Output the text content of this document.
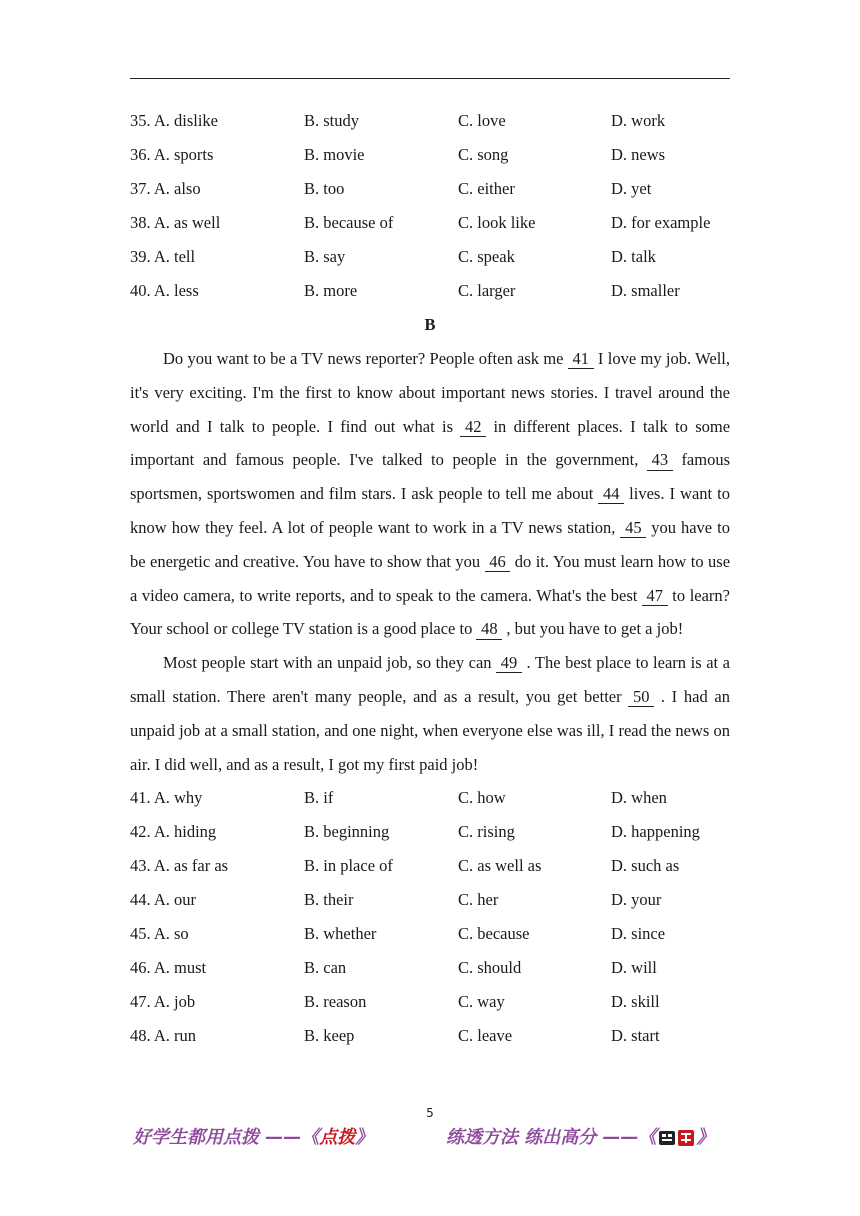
35. A. dislike	B. study	C. love	D. work
36. A. sports	B. movie	C. song	D. news
37. A. also	B. too	C. either	D. yet
38. A. as well	B. because of	C. look like	D. for example
39. A. tell	B. say	C. speak	D. talk
40. A. less	B. more	C. larger	D. smaller
B

Do you want to be a TV news reporter? People often ask me 41 I love my job. Well, it's very exciting. I'm the first to know about important news stories. I travel around the world and I talk to people. I find out what is 42 in different places. I talk to some important and famous people. I've talked to people in the government, 43 famous sportsmen, sportswomen and film stars. I ask people to tell me about 44 lives. I want to know how they feel. A lot of people want to work in a TV news station, 45 you have to be energetic and creative. You have to show that you 46 do it. You must learn how to use a video camera, to write reports, and to speak to the camera. What's the best 47 to learn? Your school or college TV station is a good place to 48 , but you have to get a job!

Most people start with an unpaid job, so they can 49 . The best place to learn is at a small station. There aren't many people, and as a result, you get better 50 . I had an unpaid job at a small station, and one night, when everyone else was ill, I read the news on air. I did well, and as a result, I got my first paid job!

41. A. why	B. if	C. how	D. when
42. A. hiding	B. beginning	C. rising	D. happening
43. A. as far as	B. in place of	C. as well as	D. such as
44. A. our	B. their	C. her	D. your
45. A. so	B. whether	C. because	D. since
46. A. must	B. can	C. should	D. will
47. A. job	B. reason	C. way	D. skill
48. A. run	B. keep	C. leave	D. start
5
好学生都用点拨 ——《点拨》	练透方法 练出高分 ——《 》
